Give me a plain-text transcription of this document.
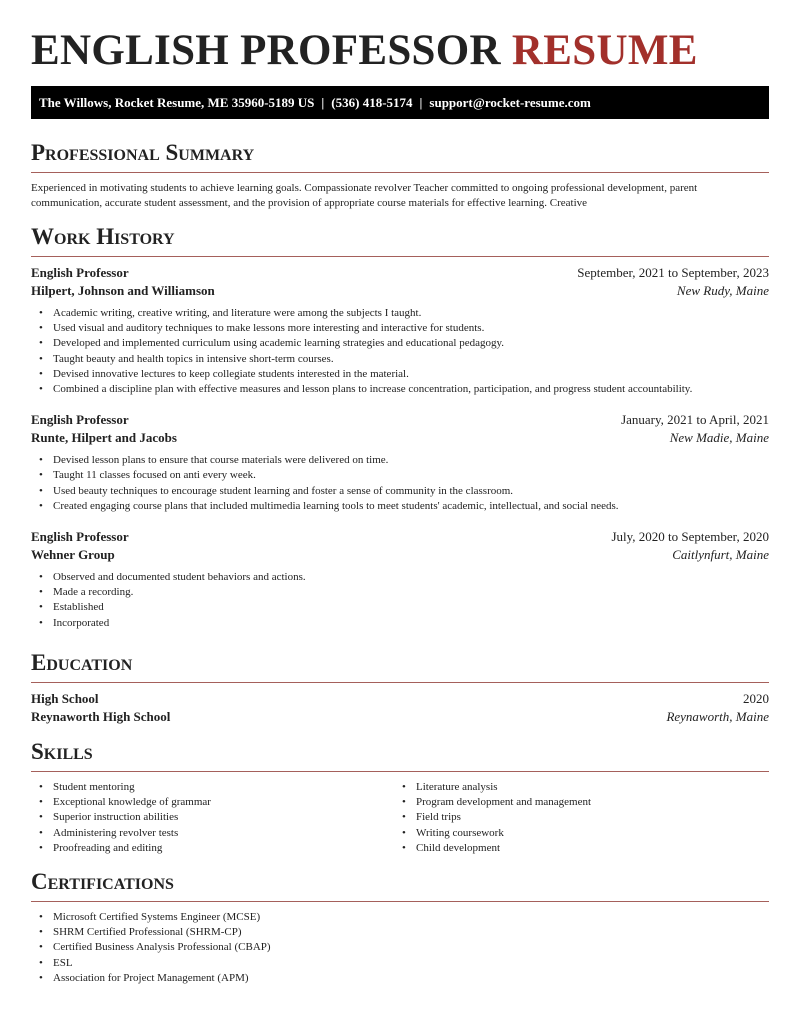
ENGLISH PROFESSOR RESUME
The Willows, Rocket Resume, ME 35960-5189 US | (536) 418-5174 | support@rocket-resume.com
Professional Summary

Experienced in motivating students to achieve learning goals. Compassionate revolver Teacher committed to ongoing professional development, parent communication, accurate student assessment, and the provision of appropriate course materials for effective learning. Creative

Work History
English Professor	September, 2021 to September, 2023
Hilpert, Johnson and Williamson	New Rudy, Maine
• Academic writing, creative writing, and literature were among the subjects I taught.
• Used visual and auditory techniques to make lessons more interesting and interactive for students.
• Developed and implemented curriculum using academic learning strategies and educational pedagogy.
• Taught beauty and health topics in intensive short-term courses.
• Devised innovative lectures to keep collegiate students interested in the material.
• Combined a discipline plan with effective measures and lesson plans to increase concentration, participation, and progress student accountability.
English Professor	January, 2021 to April, 2021
Runte, Hilpert and Jacobs	New Madie, Maine
• Devised lesson plans to ensure that course materials were delivered on time.
• Taught 11 classes focused on anti every week.
• Used beauty techniques to encourage student learning and foster a sense of community in the classroom.
• Created engaging course plans that included multimedia learning tools to meet students' academic, intellectual, and social needs.
English Professor	July, 2020 to September, 2020
Wehner Group	Caitlynfurt, Maine
• Observed and documented student behaviors and actions.
• Made a recording.
• Established
• Incorporated
Education
High School	2020
Reynaworth High School	Reynaworth, Maine
Skills
• Student mentoring
• Exceptional knowledge of grammar
• Superior instruction abilities
• Administering revolver tests
• Proofreading and editing
• Literature analysis
• Program development and management
• Field trips
• Writing coursework
• Child development
Certifications
• Microsoft Certified Systems Engineer (MCSE)
• SHRM Certified Professional (SHRM-CP)
• Certified Business Analysis Professional (CBAP)
• ESL
• Association for Project Management (APM)
